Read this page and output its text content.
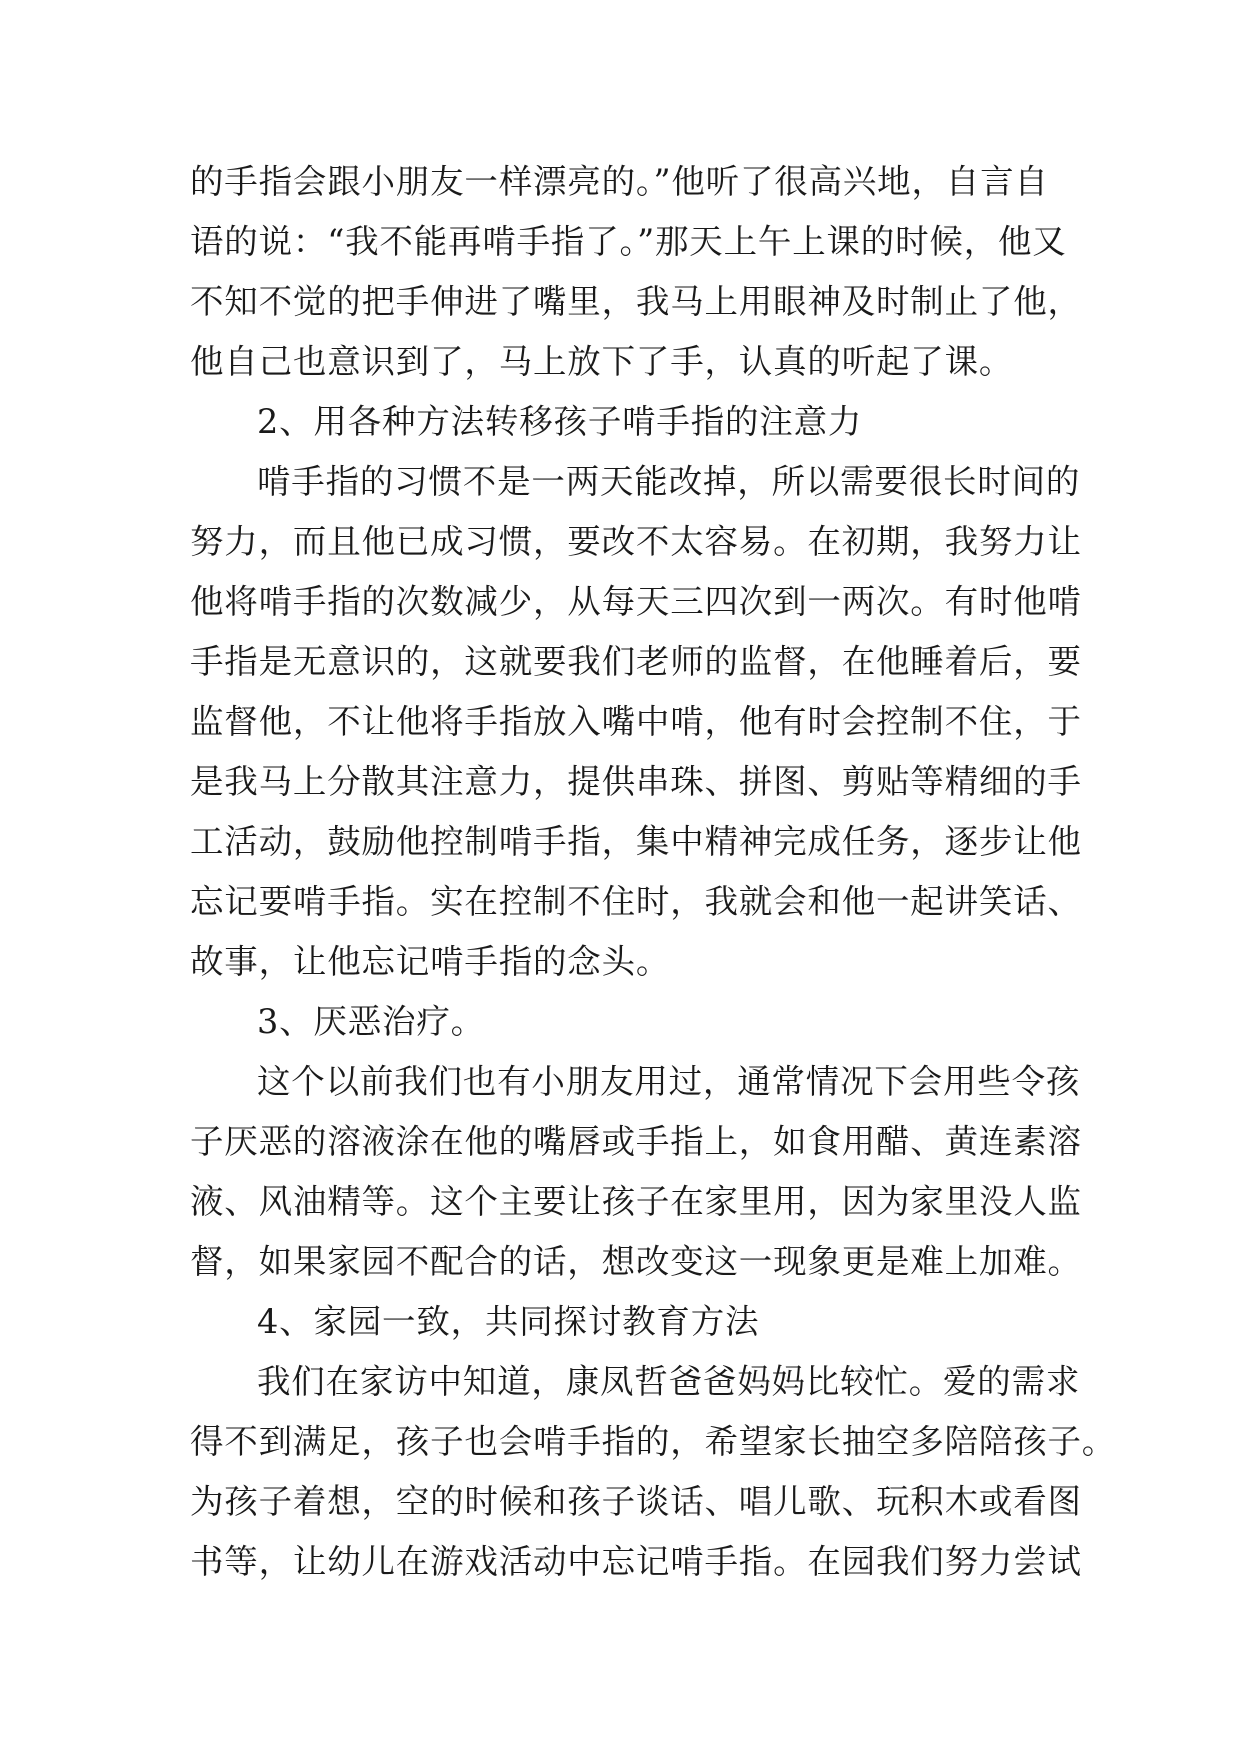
的手指会跟小朋友一样漂亮的。”他听了很高兴地，自言自
语的说：“我不能再啃手指了。”那天上午上课的时候，他又
不知不觉的把手伸进了嘴里，我马上用眼神及时制止了他，
他自己也意识到了，马上放下了手，认真的听起了课。
2、用各种方法转移孩子啃手指的注意力
啃手指的习惯不是一两天能改掉，所以需要很长时间的
努力，而且他已成习惯，要改不太容易。在初期，我努力让
他将啃手指的次数减少，从每天三四次到一两次。有时他啃
手指是无意识的，这就要我们老师的监督，在他睡着后，要
监督他，不让他将手指放入嘴中啃，他有时会控制不住，于
是我马上分散其注意力，提供串珠、拼图、剪贴等精细的手
工活动，鼓励他控制啃手指，集中精神完成任务，逐步让他
忘记要啃手指。实在控制不住时，我就会和他一起讲笑话、
故事，让他忘记啃手指的念头。
3、厌恶治疗。
这个以前我们也有小朋友用过，通常情况下会用些令孩
子厌恶的溶液涂在他的嘴唇或手指上，如食用醋、黄连素溶
液、风油精等。这个主要让孩子在家里用，因为家里没人监
督，如果家园不配合的话，想改变这一现象更是难上加难。
4、家园一致，共同探讨教育方法
我们在家访中知道，康凤哲爸爸妈妈比较忙。爱的需求
得不到满足，孩子也会啃手指的，希望家长抽空多陪陪孩子。
为孩子着想，空的时候和孩子谈话、唱儿歌、玩积木或看图
书等，让幼儿在游戏活动中忘记啃手指。在园我们努力尝试
